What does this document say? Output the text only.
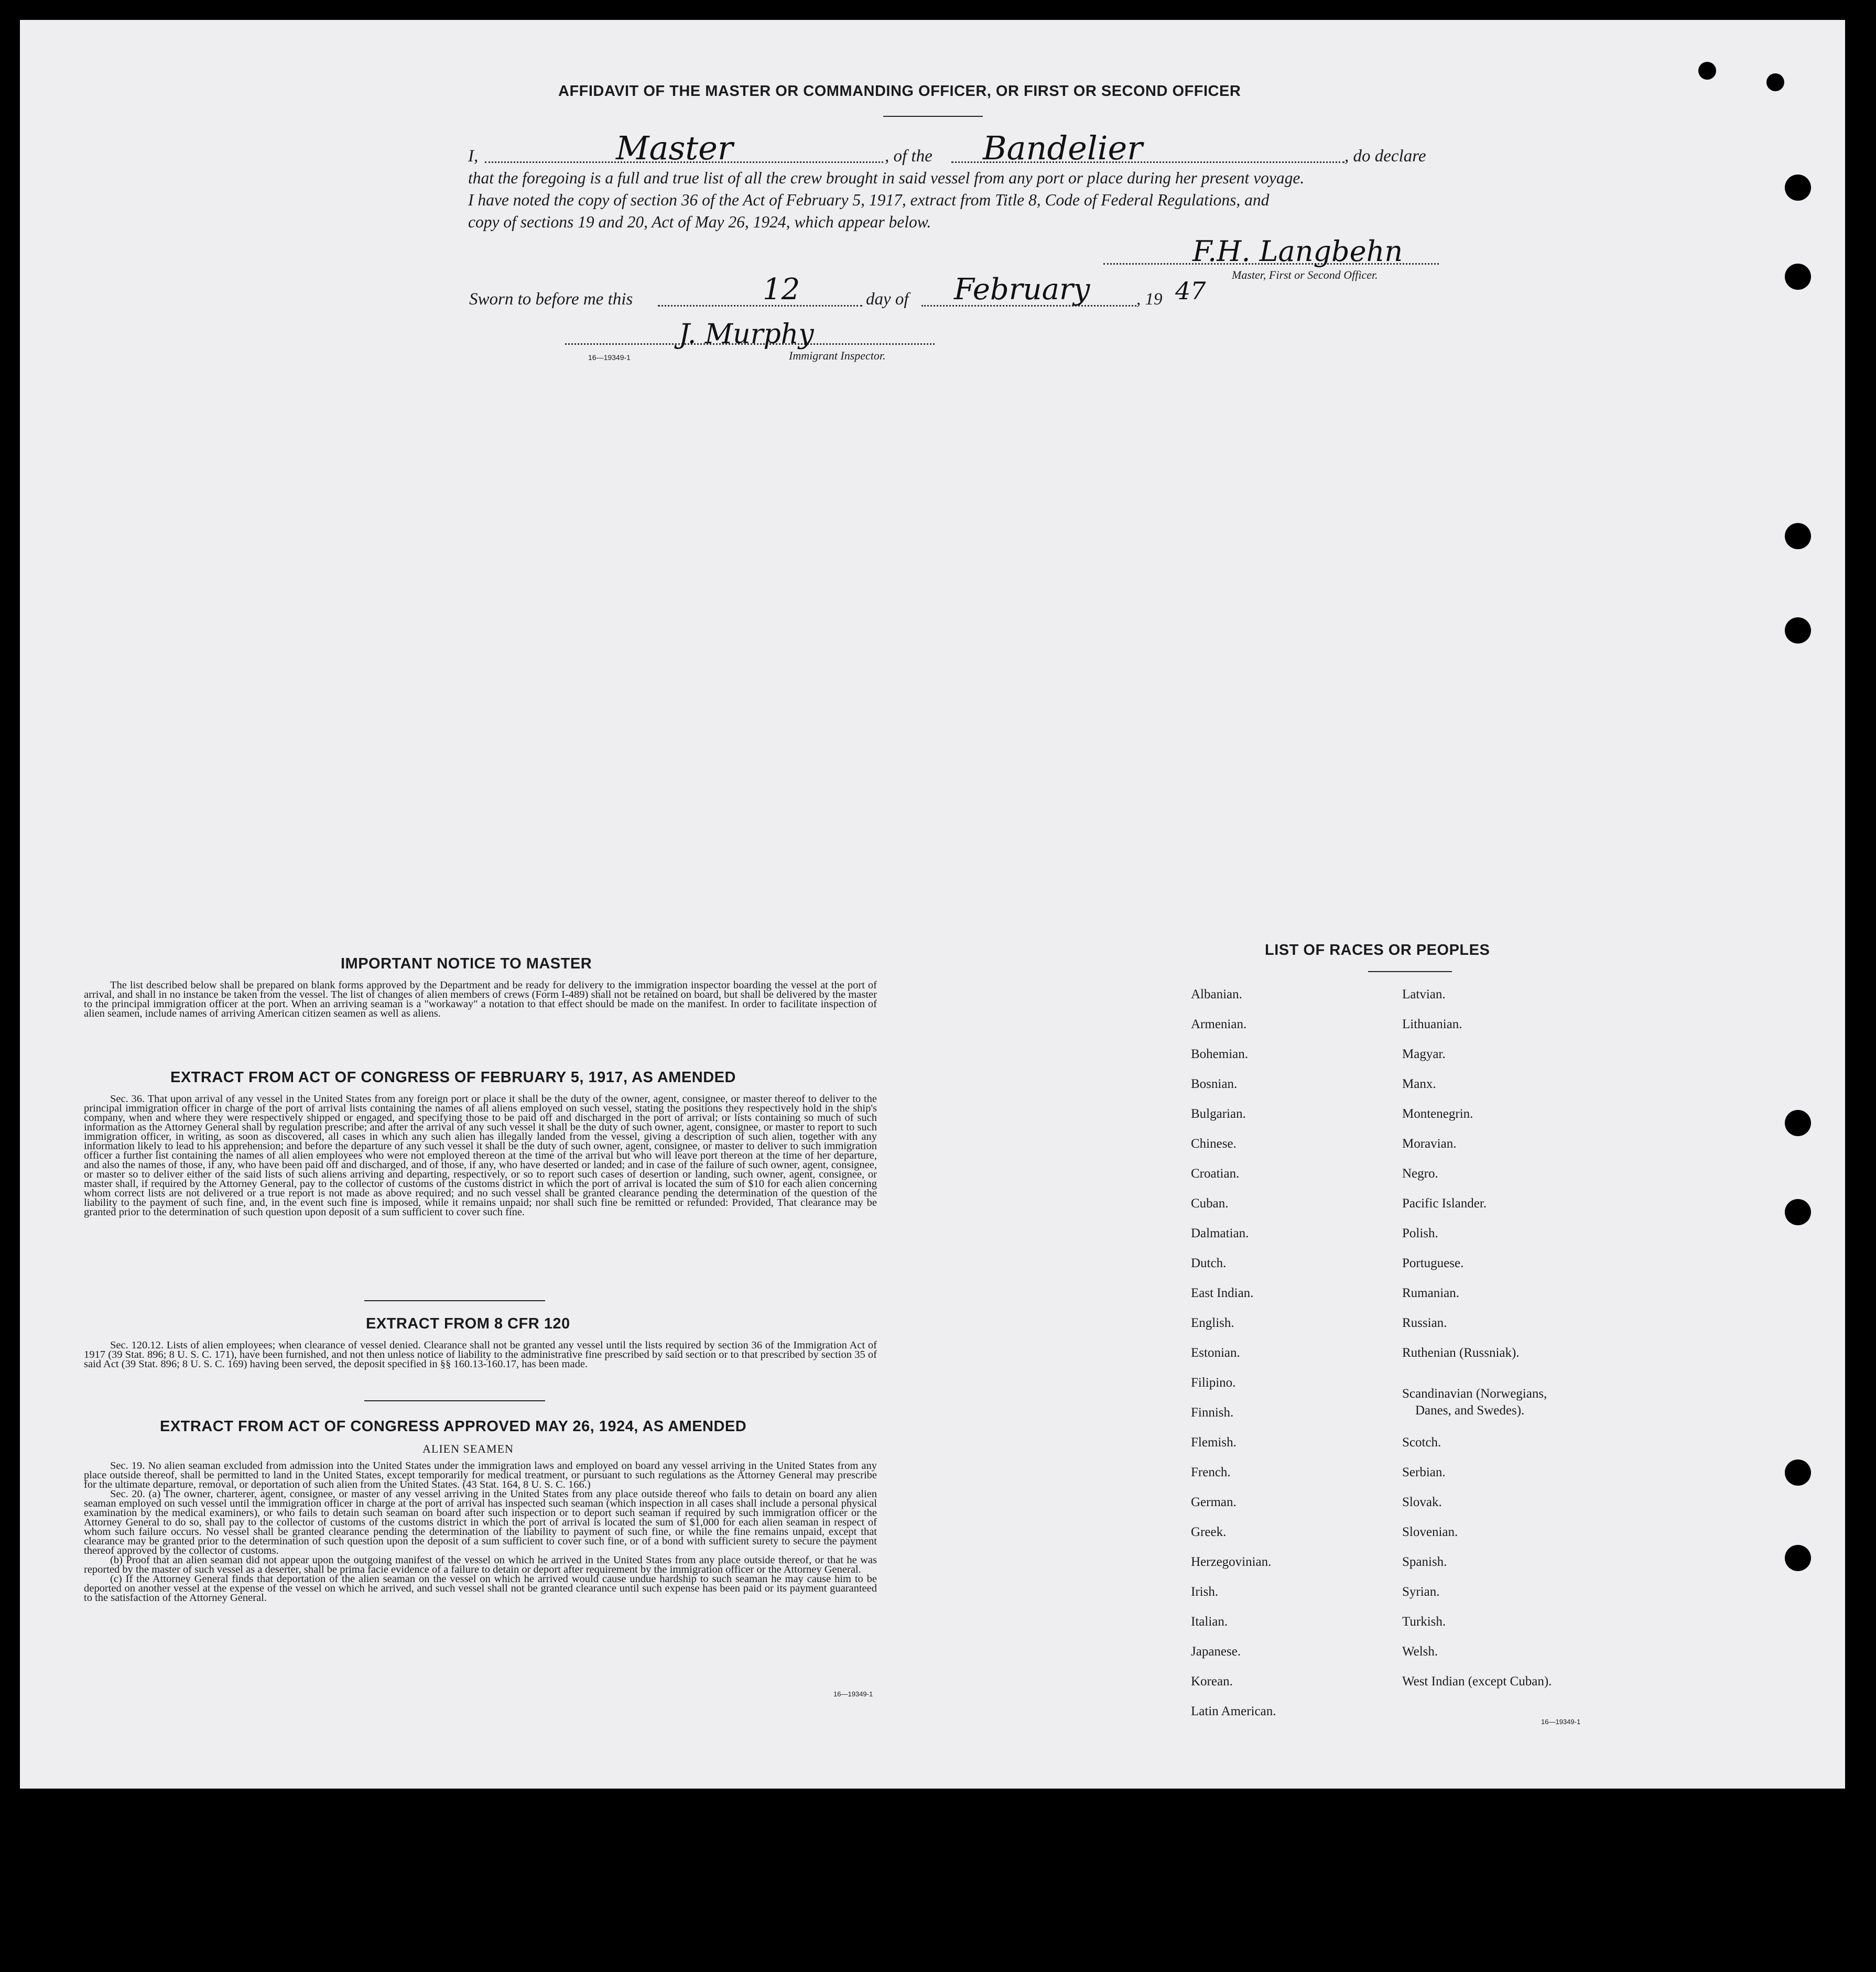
AFFIDAVIT OF THE MASTER OR COMMANDING OFFICER, OR FIRST OR SECOND OFFICER
I,	Master	, of the Bandelier	, do declare
that the foregoing is a full and true list of all the crew brought in said vessel from any port or place during her present voyage.
I have noted the copy of section 36 of the Act of February 5, 1917, extract from Title 8, Code of Federal Regulations, and
copy of sections 19 and 20, Act of May 26, 1924, which appear below.
F.H. Langbehn
Master, First or Second Officer.
Sworn to before me this	12	day of February	, 19 47
J. Murphy
16—19349-1	Immigrant Inspector.
IMPORTANT NOTICE TO MASTER

The list described below shall be prepared on blank forms approved by the Department and be ready for delivery to the immigration inspector boarding the vessel at the port of arrival, and shall in no instance be taken from the vessel. The list of changes of alien members of crews (Form I-489) shall not be retained on board, but shall be delivered by the master to the principal immigration officer at the port. When an arriving seaman is a "workaway" a notation to that effect should be made on the manifest. In order to facilitate inspection of alien seamen, include names of arriving American citizen seamen as well as aliens.

EXTRACT FROM ACT OF CONGRESS OF FEBRUARY 5, 1917, AS AMENDED

Sec. 36. That upon arrival of any vessel in the United States from any foreign port or place it shall be the duty of the owner, agent, consignee, or master thereof to deliver to the principal immigration officer in charge of the port of arrival lists containing the names of all aliens employed on such vessel, stating the positions they respectively hold in the ship's company, when and where they were respectively shipped or engaged, and specifying those to be paid off and discharged in the port of arrival; or lists containing so much of such information as the Attorney General shall by regulation prescribe; and after the arrival of any such vessel it shall be the duty of such owner, agent, consignee, or master to report to such immigration officer, in writing, as soon as discovered, all cases in which any such alien has illegally landed from the vessel, giving a description of such alien, together with any information likely to lead to his apprehension; and before the departure of any such vessel it shall be the duty of such owner, agent, consignee, or master to deliver to such immigration officer a further list containing the names of all alien employees who were not employed thereon at the time of the arrival but who will leave port thereon at the time of her departure, and also the names of those, if any, who have been paid off and discharged, and of those, if any, who have deserted or landed; and in case of the failure of such owner, agent, consignee, or master so to deliver either of the said lists of such aliens arriving and departing, respectively, or so to report such cases of desertion or landing, such owner, agent, consignee, or master shall, if required by the Attorney General, pay to the collector of customs of the customs district in which the port of arrival is located the sum of $10 for each alien concerning whom correct lists are not delivered or a true report is not made as above required; and no such vessel shall be granted clearance pending the determination of the question of the liability to the payment of such fine, and, in the event such fine is imposed, while it remains unpaid; nor shall such fine be remitted or refunded: Provided, That clearance may be granted prior to the determination of such question upon deposit of a sum sufficient to cover such fine.

EXTRACT FROM 8 CFR 120

Sec. 120.12. Lists of alien employees; when clearance of vessel denied. Clearance shall not be granted any vessel until the lists required by section 36 of the Immigration Act of 1917 (39 Stat. 896; 8 U. S. C. 171), have been furnished, and not then unless notice of liability to the administrative fine prescribed by said section or to that prescribed by section 35 of said Act (39 Stat. 896; 8 U. S. C. 169) having been served, the deposit specified in §§ 160.13-160.17, has been made.

EXTRACT FROM ACT OF CONGRESS APPROVED MAY 26, 1924, AS AMENDED
ALIEN SEAMEN

Sec. 19. No alien seaman excluded from admission into the United States under the immigration laws and employed on board any vessel arriving in the United States from any place outside thereof, shall be permitted to land in the United States, except temporarily for medical treatment, or pursuant to such regulations as the Attorney General may prescribe for the ultimate departure, removal, or deportation of such alien from the United States. (43 Stat. 164, 8 U. S. C. 166.)

Sec. 20. (a) The owner, charterer, agent, consignee, or master of any vessel arriving in the United States from any place outside thereof who fails to detain on board any alien seaman employed on such vessel until the immigration officer in charge at the port of arrival has inspected such seaman (which inspection in all cases shall include a personal physical examination by the medical examiners), or who fails to detain such seaman on board after such inspection or to deport such seaman if required by such immigration officer or the Attorney General to do so, shall pay to the collector of customs of the customs district in which the port of arrival is located the sum of $1,000 for each alien seaman in respect of whom such failure occurs. No vessel shall be granted clearance pending the determination of the liability to payment of such fine, or while the fine remains unpaid, except that clearance may be granted prior to the determination of such question upon the deposit of a sum sufficient to cover such fine, or of a bond with sufficient surety to secure the payment thereof approved by the collector of customs.

(b) Proof that an alien seaman did not appear upon the outgoing manifest of the vessel on which he arrived in the United States from any place outside thereof, or that he was reported by the master of such vessel as a deserter, shall be prima facie evidence of a failure to detain or deport after requirement by the immigration officer or the Attorney General.

(c) If the Attorney General finds that deportation of the alien seaman on the vessel on which he arrived would cause undue hardship to such seaman he may cause him to be deported on another vessel at the expense of the vessel on which he arrived, and such vessel shall not be granted clearance until such expense has been paid or its payment guaranteed to the satisfaction of the Attorney General.

16—19349-1
LIST OF RACES OR PEOPLES
Albanian.
Armenian.
Bohemian.
Bosnian.
Bulgarian.
Chinese.
Croatian.
Cuban.
Dalmatian.
Dutch.
East Indian.
English.
Estonian.
Filipino.
Finnish.
Flemish.
French.
German.
Greek.
Herzegovinian.
Irish.
Italian.
Japanese.
Korean.
Latin American.
Latvian.
Lithuanian.
Magyar.
Manx.
Montenegrin.
Moravian.
Negro.
Pacific Islander.
Polish.
Portuguese.
Rumanian.
Russian.
Ruthenian (Russniak).
Scandinavian (Norwegians,
Danes, and Swedes).
Scotch.
Serbian.
Slovak.
Slovenian.
Spanish.
Syrian.
Turkish.
Welsh.
West Indian (except Cuban).
16—19349-1
